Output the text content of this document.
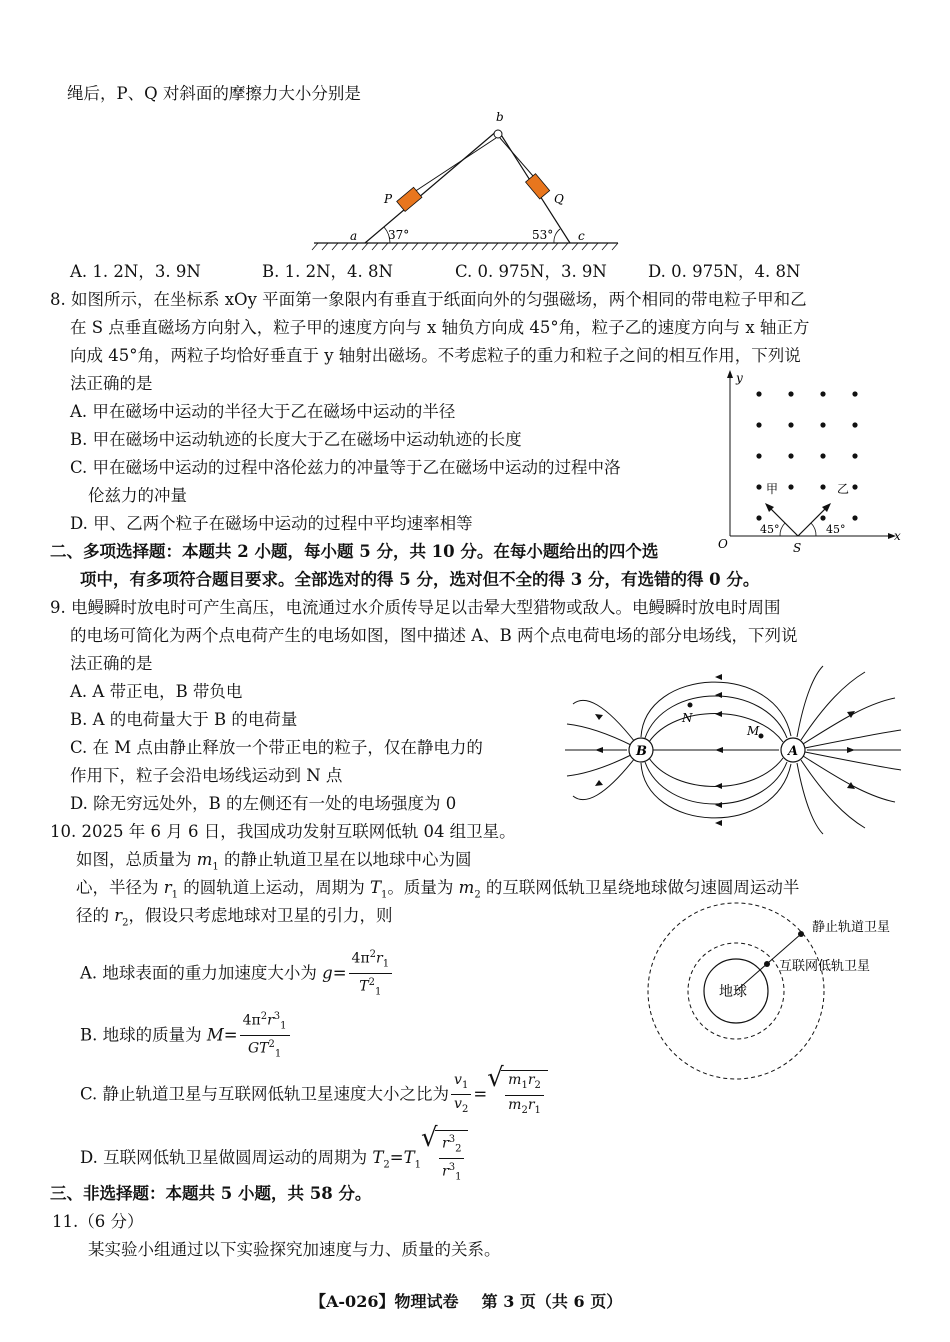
绳后，P、Q 对斜面的摩擦力大小分别是
b
a	c
P	Q
37°	53°
A. 1. 2N，3. 9N	B. 1. 2N，4. 8N	C. 0. 975N，3. 9N D. 0. 975N，4. 8N
8. 如图所示，在坐标系 xOy 平面第一象限内有垂直于纸面向外的匀强磁场，两个相同的带电粒子甲和乙
在 S 点垂直磁场方向射入，粒子甲的速度方向与 x 轴负方向成 45°角，粒子乙的速度方向与 x 轴正方
向成 45°角，两粒子均恰好垂直于 y 轴射出磁场。不考虑粒子的重力和粒子之间的相互作用，下列说
法正确的是
A. 甲在磁场中运动的半径大于乙在磁场中运动的半径
B. 甲在磁场中运动轨迹的长度大于乙在磁场中运动轨迹的长度
C. 甲在磁场中运动的过程中洛伦兹力的冲量等于乙在磁场中运动的过程中洛
伦兹力的冲量
D. 甲、乙两个粒子在磁场中运动的过程中平均速率相等
y
x
O	S
甲	乙
45°	45°
二、多项选择题：本题共 2 小题，每小题 5 分，共 10 分。在每小题给出的四个选
项中，有多项符合题目要求。全部选对的得 5 分，选对但不全的得 3 分，有选错的得 0 分。
9. 电鳗瞬时放电时可产生高压，电流通过水介质传导足以击晕大型猎物或敌人。电鳗瞬时放电时周围
的电场可简化为两个点电荷产生的电场如图，图中描述 A、B 两个点电荷电场的部分电场线，下列说
法正确的是
A. A 带正电，B 带负电
B. A 的电荷量大于 B 的电荷量
C. 在 M 点由静止释放一个带正电的粒子，仅在静电力的
作用下，粒子会沿电场线运动到 N 点
D. 除无穷远处外，B 的左侧还有一处的电场强度为 0
B	A
N
M
10. 2025 年 6 月 6 日，我国成功发射互联网低轨 04 组卫星。
如图，总质量为 $m_1$ 的静止轨道卫星在以地球中心为圆
心，半径为 $r_1$ 的圆轨道上运动，周期为 $T_1$。质量为 $m_2$ 的互联网低轨卫星绕地球做匀速圆周运动半
径的 $r_2$，假设只考虑地球对卫星的引力，则
A. 地球表面的重力加速度大小为 $g= \frac{4\pi^2r_1}{T^2_1}$
B. 地球的质量为 $M= \frac{4\pi^2r^3_1}{GT^2_1}$
C. 静止轨道卫星与互联网低轨卫星速度大小之比为 $\frac{v_1}{v_2}$ = √ $\frac{m_1r_2}{m_2r_1}$
D. 互联网低轨卫星做圆周运动的周期为 $T_2=T_1$ √ $\frac{r^3_2}{r^3_1}$
地球
静止轨道卫星
互联网低轨卫星
三、非选择题：本题共 5 小题，共 58 分。
11.（6 分）
某实验小组通过以下实验探究加速度与力、质量的关系。
【A-026】物理试卷 第 3 页（共 6 页）
